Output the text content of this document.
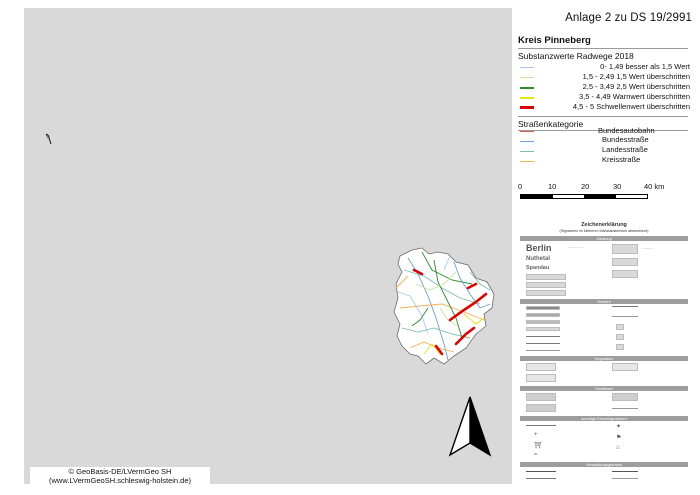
© GeoBasis-DE/LVermGeo SH
(www.LVermGeoSH.schleswig-holstein.de)
Anlage 2 zu DS 19/2991
Kreis Pinneberg
Substanzwerte Radwege 2018
0- 1,49 besser als 1,5 Wert
1,5 - 2,49 1,5 Wert überschritten
2,5 - 3,49 2,5 Wert überschritten
3,5 - 4,49 Warnwert überschritten
4,5 - 5 Schwellenwert überschritten
Straßenkategorie
Bundesautobahn
Bundesstraße
Landesstraße
Kreisstraße
0	10	20	30	40 km
Zeichenerklärung
(Signaturen im kleineren Maßstabsbereich abweichend)
Siedlung
Berlin
Nuthetal
Spandau
...............	...........
Verkehr
Vegetation
Gewässer
sonstige Einzelsignaturen
+
⛩
≈
✦
⚑
⌂
Verwaltungsgrenzen
